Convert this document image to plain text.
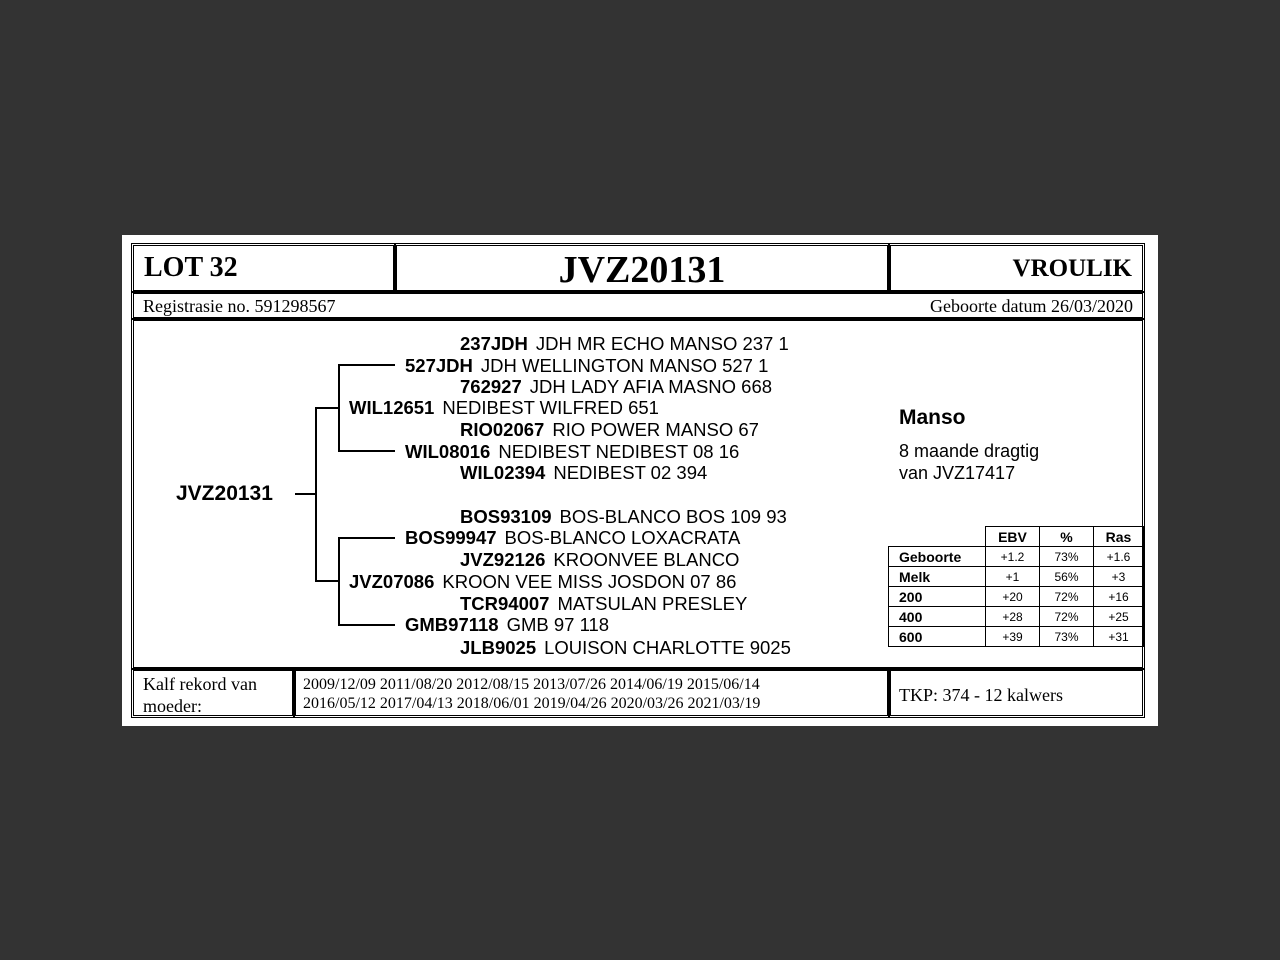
LOT 32	JVZ20131	VROULIK
Registrasie no. 591298567	Geboorte datum 26/03/2020
JVZ20131
237JDH JDH MR ECHO MANSO 237 1
527JDH JDH WELLINGTON MANSO 527 1
762927 JDH LADY AFIA MASNO 668
WIL12651 NEDIBEST WILFRED 651
RIO02067 RIO POWER MANSO 67
WIL08016 NEDIBEST NEDIBEST 08 16
WIL02394 NEDIBEST 02 394
BOS93109 BOS-BLANCO BOS 109 93
BOS99947 BOS-BLANCO LOXACRATA
JVZ92126 KROONVEE BLANCO
JVZ07086 KROON VEE MISS JOSDON 07 86
TCR94007 MATSULAN PRESLEY
GMB97118 GMB 97 118
JLB9025 LOUISON CHARLOTTE 9025
Manso
8 maande dragtig
van JVZ17417
	EBV	%	Ras
Geboorte	+1.2	73%	+1.6
Melk	+1	56%	+3
200	+20	72%	+16
400	+28	72%	+25
600	+39	73%	+31
Kalf rekord van
moeder:
2009/12/09 2011/08/20 2012/08/15 2013/07/26 2014/06/19 2015/06/14
2016/05/12 2017/04/13 2018/06/01 2019/04/26 2020/03/26 2021/03/19	TKP: 374 - 12 kalwers
